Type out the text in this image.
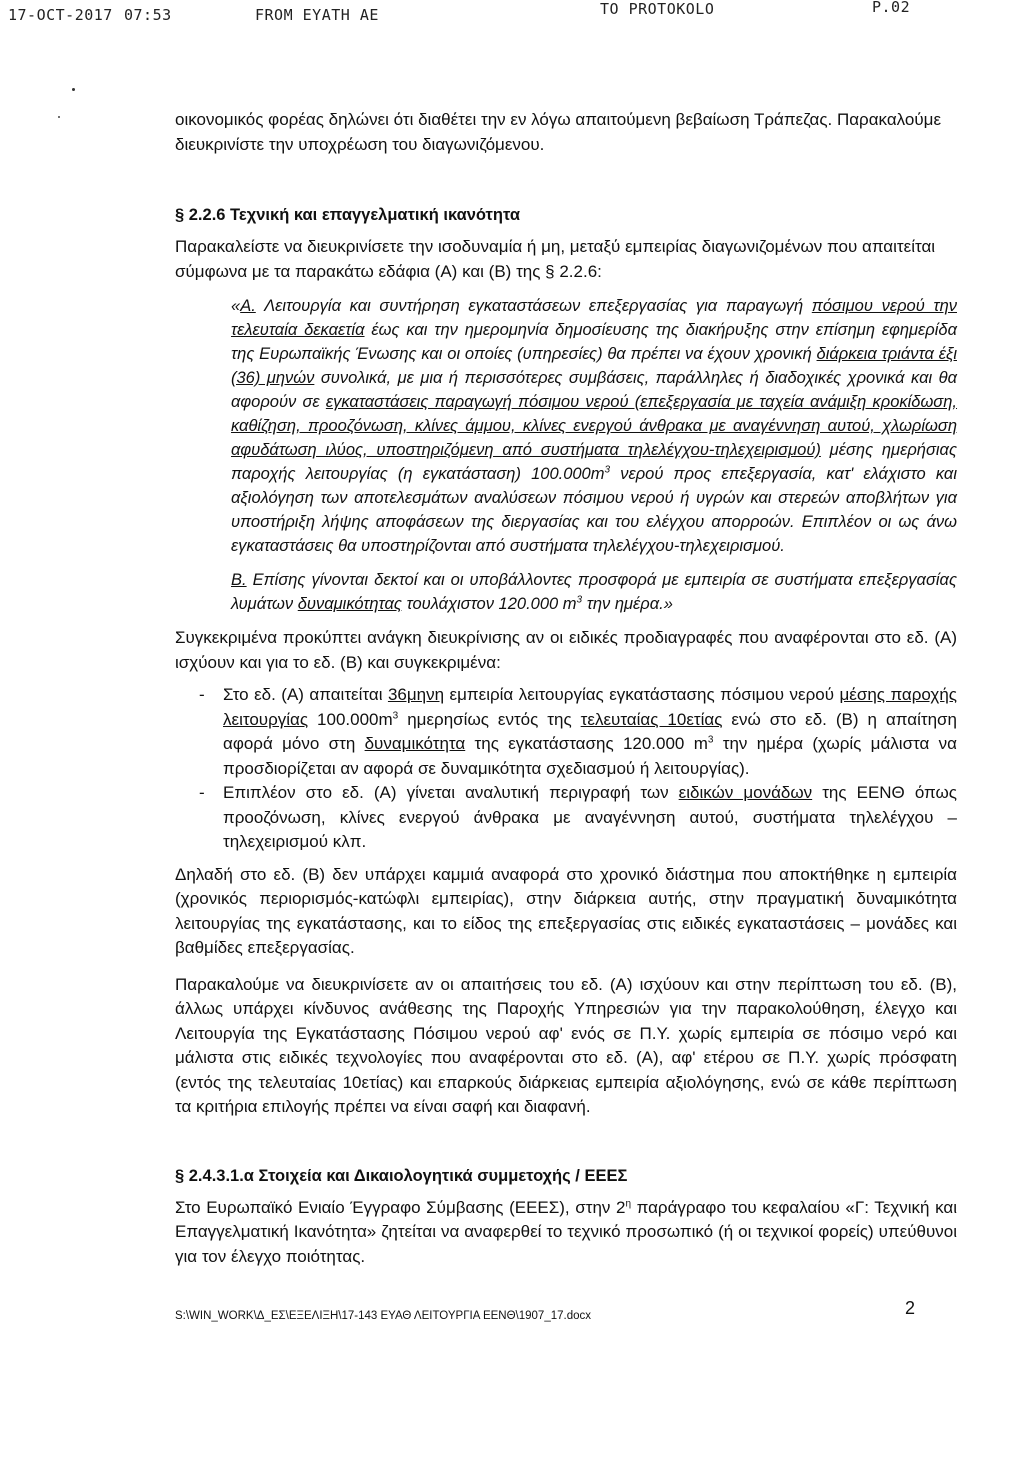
17-OCT-2017 07:53	FROM EYATH AE	TO PROTOKOLO	P.02

οικονομικός φορέας δηλώνει ότι διαθέτει την εν λόγω απαιτούμενη βεβαίωση Τράπεζας. Παρακαλούμε διευκρινίστε την υποχρέωση του διαγωνιζόμενου.

§ 2.2.6 Τεχνική και επαγγελματική ικανότητα

Παρακαλείστε να διευκρινίσετε την ισοδυναμία ή μη, μεταξύ εμπειρίας διαγωνιζομένων που απαιτείται σύμφωνα με τα παρακάτω εδάφια (Α) και (Β) της § 2.2.6:

«Α. Λειτουργία και συντήρηση εγκαταστάσεων επεξεργασίας για παραγωγή πόσιμου νερού την τελευταία δεκαετία έως και την ημερομηνία δημοσίευσης της διακήρυξης στην επίσημη εφημερίδα της Ευρωπαϊκής Ένωσης και οι οποίες (υπηρεσίες) θα πρέπει να έχουν χρονική διάρκεια τριάντα έξι (36) μηνών συνολικά, με μια ή περισσότερες συμβάσεις, παράλληλες ή διαδοχικές χρονικά και θα αφορούν σε εγκαταστάσεις παραγωγή πόσιμου νερού (επεξεργασία με ταχεία ανάμιξη κροκίδωση, καθίζηση, προοζόνωση, κλίνες άμμου, κλίνες ενεργού άνθρακα με αναγέννηση αυτού, χλωρίωση αφυδάτωση ιλύος, υποστηριζόμενη από συστήματα τηλελέγχου-τηλεχειρισμού) μέσης ημερήσιας παροχής λειτουργίας (η εγκατάσταση) $100.000m^3$ νερού προς επεξεργασία, κατ' ελάχιστο και αξιολόγηση των αποτελεσμάτων αναλύσεων πόσιμου νερού ή υγρών και στερεών αποβλήτων για υποστήριξη λήψης αποφάσεων της διεργασίας και του ελέγχου απορροών. Επιπλέον οι ως άνω εγκαταστάσεις θα υποστηρίζονται από συστήματα τηλελέγχου-τηλεχειρισμού.

Β. Επίσης γίνονται δεκτοί και οι υποβάλλοντες προσφορά με εμπειρία σε συστήματα επεξεργασίας λυμάτων δυναμικότητας τουλάχιστον 120.000 $m^3$ την ημέρα.»

Συγκεκριμένα προκύπτει ανάγκη διευκρίνισης αν οι ειδικές προδιαγραφές που αναφέρονται στο εδ. (Α) ισχύουν και για το εδ. (Β) και συγκεκριμένα:

- Στο εδ. (Α) απαιτείται 36μηνη εμπειρία λειτουργίας εγκατάστασης πόσιμου νερού μέσης παροχής λειτουργίας $100.000m^3$ ημερησίως εντός της τελευταίας 10ετίας ενώ στο εδ. (Β) η απαίτηση αφορά μόνο στη δυναμικότητα της εγκατάστασης 120.000 $m^3$ την ημέρα (χωρίς μάλιστα να προσδιορίζεται αν αφορά σε δυναμικότητα σχεδιασμού ή λειτουργίας).
- Επιπλέον στο εδ. (Α) γίνεται αναλυτική περιγραφή των ειδικών μονάδων της ΕΕΝΘ όπως προοζόνωση, κλίνες ενεργού άνθρακα με αναγέννηση αυτού, συστήματα τηλελέγχου – τηλεχειρισμού κλπ.

Δηλαδή στο εδ. (Β) δεν υπάρχει καμμιά αναφορά στο χρονικό διάστημα που αποκτήθηκε η εμπειρία (χρονικός περιορισμός-κατώφλι εμπειρίας), στην διάρκεια αυτής, στην πραγματική δυναμικότητα λειτουργίας της εγκατάστασης, και το είδος της επεξεργασίας στις ειδικές εγκαταστάσεις – μονάδες και βαθμίδες επεξεργασίας.

Παρακαλούμε να διευκρινίσετε αν οι απαιτήσεις του εδ. (Α) ισχύουν και στην περίπτωση του εδ. (Β), άλλως υπάρχει κίνδυνος ανάθεσης της Παροχής Υπηρεσιών για την παρακολούθηση, έλεγχο και Λειτουργία της Εγκατάστασης Πόσιμου νερού αφ' ενός σε Π.Υ. χωρίς εμπειρία σε πόσιμο νερό και μάλιστα στις ειδικές τεχνολογίες που αναφέρονται στο εδ. (Α), αφ' ετέρου σε Π.Υ. χωρίς πρόσφατη (εντός της τελευταίας 10ετίας) και επαρκούς διάρκειας εμπειρία αξιολόγησης, ενώ σε κάθε περίπτωση τα κριτήρια επιλογής πρέπει να είναι σαφή και διαφανή.

§ 2.4.3.1.α Στοιχεία και Δικαιολογητικά συμμετοχής / ΕΕΕΣ

Στο Ευρωπαϊκό Ενιαίο Έγγραφο Σύμβασης (ΕΕΕΣ), στην $2^\eta$ παράγραφο του κεφαλαίου «Γ: Τεχνική και Επαγγελματική Ικανότητα» ζητείται να αναφερθεί το τεχνικό προσωπικό (ή οι τεχνικοί φορείς) υπεύθυνοι για τον έλεγχο ποιότητας.

S:\WIN_WORK\Δ_ΕΣ\ΕΞΕΛΙΞΗ\17-143 ΕΥΑΘ ΛΕΙΤΟΥΡΓΙΑ ΕΕΝΘ\1907_17.docx	2
